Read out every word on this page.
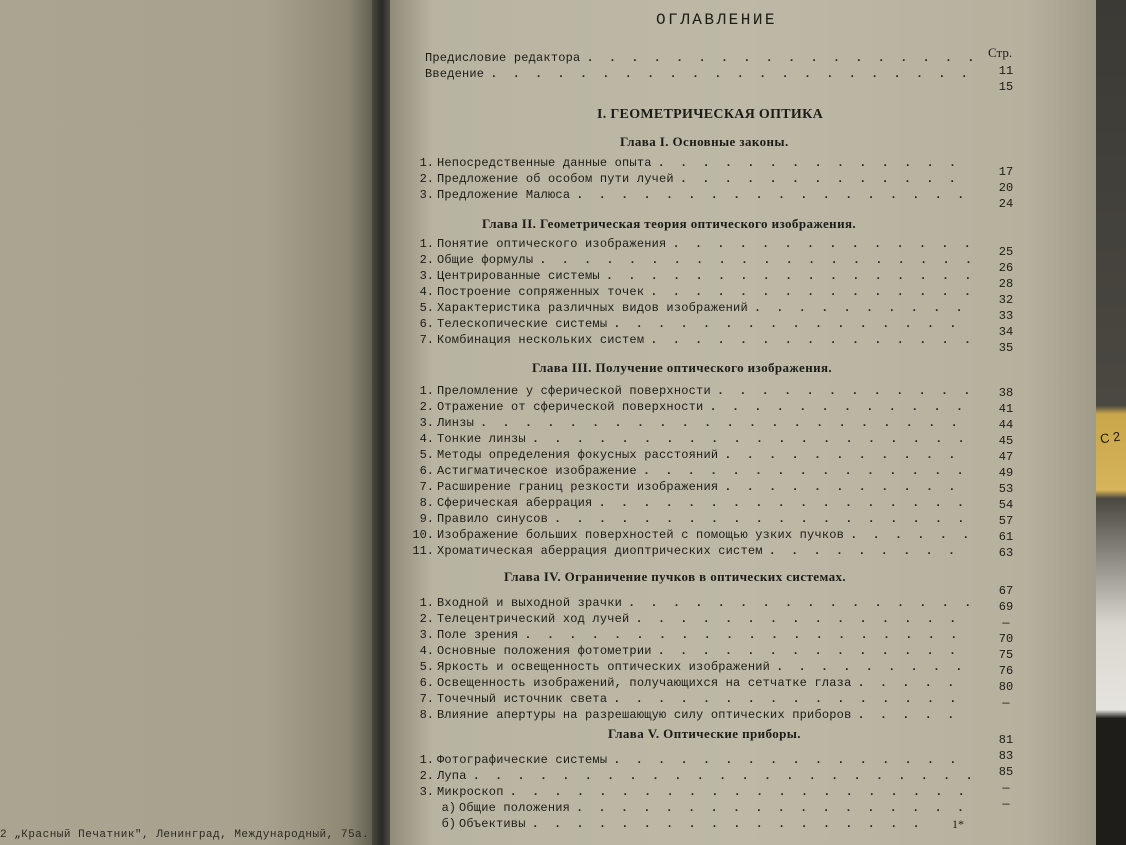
2 „Красный Печатник", Ленинград, Международный, 75а.
С 2
ОГЛАВЛЕНИЕ
Стр.
Предисловие редактора
. . .
Введение
. . .
I. ГЕОМЕТРИЧЕСКАЯ ОПТИКА
Глава I. Основные законы.
1. Непосредственные данные опыта
. . .
2. Предложение об особом пути лучей
. . .
3. Предложение Малюса
. . .
Глава II. Геометрическая теория оптического изображения.
1. Понятие оптического изображения
. . .
2. Общие формулы
. . .
3. Центрированные системы
. . .
4. Построение сопряженных точек
. . .
5. Характеристика различных видов изображений
. . .
6. Телескопические системы
. . .
7. Комбинация нескольких систем
. . .
Глава III. Получение оптического изображения.
1. Преломление у сферической поверхности
. . .
2. Отражение от сферической поверхности
. . .
3. Линзы
. . .
4. Тонкие линзы
. . .
5. Методы определения фокусных расстояний
. . .
6. Астигматическое изображение
. . .
7. Расширение границ резкости изображения
. . .
8. Сферическая аберрация
. . .
9. Правило синусов
. . .
10. Изображение больших поверхностей с помощью узких пучков
. . .
11. Хроматическая аберрация диоптрических систем
. . .
Глава IV. Ограничение пучков в оптических системах.
1. Входной и выходной зрачки
. . .
2. Телецентрический ход лучей
. . .
3. Поле зрения
. . .
4. Основные положения фотометрии
. . .
5. Яркость и освещенность оптических изображений
. . .
6. Освещенность изображений, получающихся на сетчатке глаза
. . .
7. Точечный источник света
. . .
8. Влияние апертуры на разрешающую силу оптических приборов
. . .
Глава V. Оптические приборы.
1. Фотографические системы
. . .
2. Лупа
. . .
3. Микроскоп
. . .
а) Общие положения
. . .
б) Объективы
. . .
11
15
17
20
24
25
26
28
32
33
34
35
38
41
44
45
47
49
53
54
57
61
63
67
69
—
70
75
76
80
—
81
83
85
—
—
1*
